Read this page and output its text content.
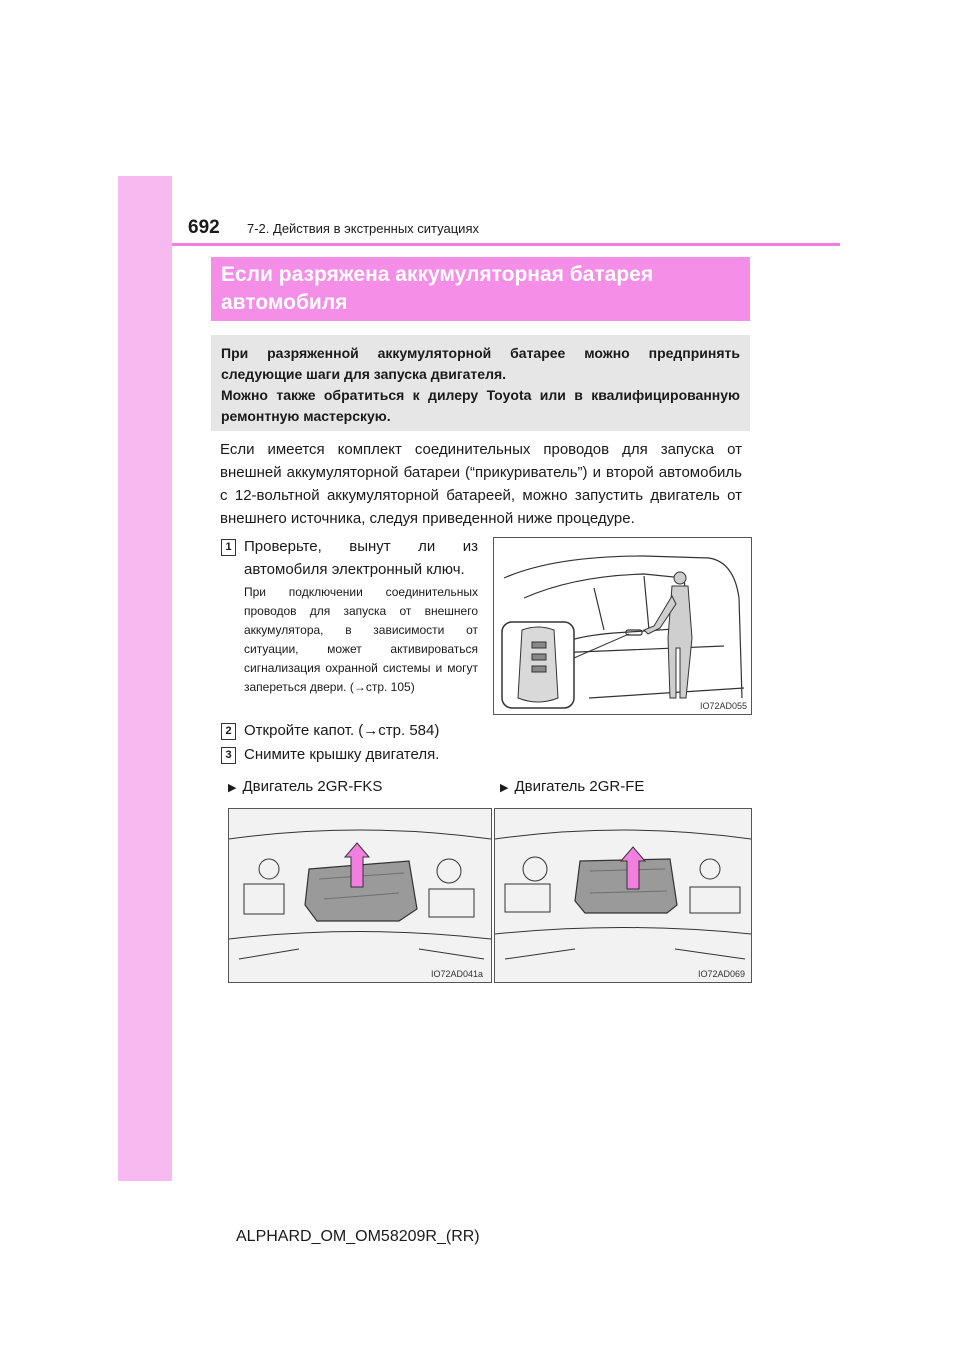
692 7-2. Действия в экстренных ситуациях
Если разряжена аккумуляторная батарея
автомобиля

При разряженной аккумуляторной батарее можно предпринять следующие шаги для запуска двигателя.

Можно также обратиться к дилеру Toyota или в квалифицированную ремонтную мастерскую.

Если имеется комплект соединительных проводов для запуска от внешней аккумуляторной батареи (“прикуриватель”) и второй автомобиль с 12-вольтной аккумуляторной батареей, можно запустить двигатель от внешнего источника, следуя приведенной ниже процедуре.

1 Проверьте, вынут ли из автомобиля электронный ключ.

При подключении соединительных проводов для запуска от внешнего аккумулятора, в зависимости от ситуации, может активироваться сигнализация охранной системы и могут запереться двери. (→стр. 105)

IO72AD055
2 Откройте капот. (→стр. 584)

3 Снимите крышку двигателя.

▶ Двигатель 2GR-FKS	▶ Двигатель 2GR-FE
IO72AD041a	IO72AD069
ALPHARD_OM_OM58209R_(RR)
